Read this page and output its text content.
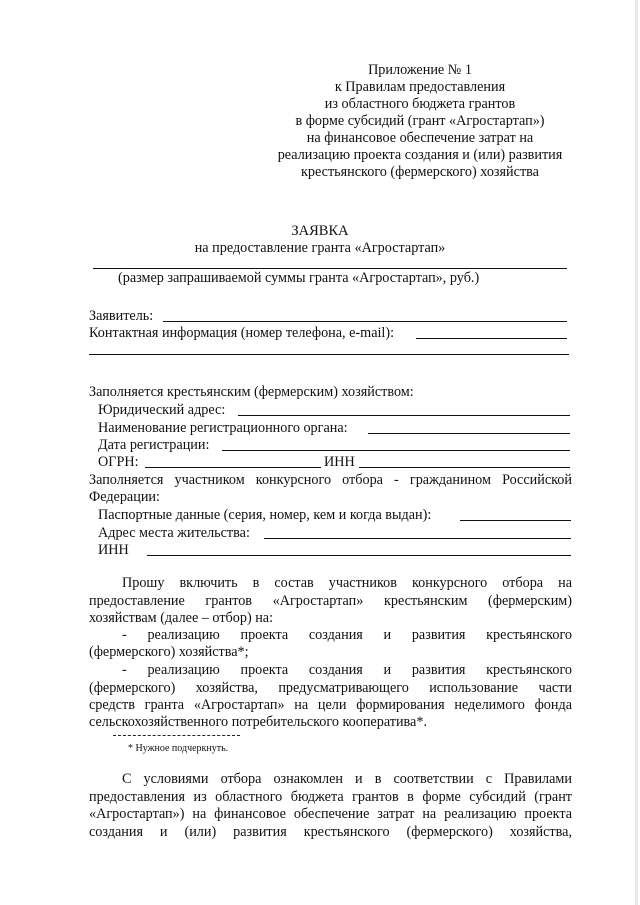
Приложение № 1
к Правилам предоставления
из областного бюджета грантов
в форме субсидий (грант «Агростартап»)
на финансовое обеспечение затрат на
реализацию проекта создания и (или) развития
крестьянского (фермерского) хозяйства
ЗАЯВКА
на предоставление гранта «Агростартап»
(размер запрашиваемой суммы гранта «Агростартап», руб.)
Заявитель:
Контактная информация (номер телефона, e-mail):
Заполняется крестьянским (фермерским) хозяйством:
Юридический адрес:
Наименование регистрационного органа:
Дата регистрации:
ОГРН:	ИНН
Заполняется участником конкурсного отбора - гражданином Российской
Федерации:
Паспортные данные (серия, номер, кем и когда выдан):
Адрес места жительства:
ИНН
Прошу включить в состав участников конкурсного отбора на
предоставление грантов «Агростартап» крестьянским (фермерским)
хозяйствам (далее – отбор) на:
- реализацию проекта создания и развития крестьянского
(фермерского) хозяйства*;
- реализацию проекта создания и развития крестьянского
(фермерского) хозяйства, предусматривающего использование части
средств гранта «Агростартап» на цели формирования неделимого фонда
сельскохозяйственного потребительского кооператива*.
* Нужное подчеркнуть.
С условиями отбора ознакомлен и в соответствии с Правилами
предоставления из областного бюджета грантов в форме субсидий (грант
«Агростартап») на финансовое обеспечение затрат на реализацию проекта
создания и (или) развития крестьянского (фермерского) хозяйства,
